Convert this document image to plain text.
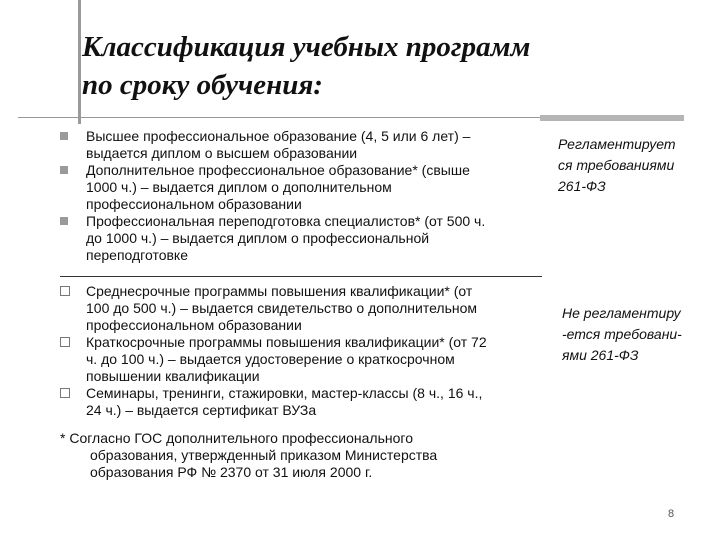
Классификация учебных программ
по сроку обучения:
Высшее профессиональное образование (4, 5 или 6 лет) –
выдается диплом о высшем образовании
Дополнительное профессиональное образование* (свыше
1000 ч.) – выдается диплом о дополнительном
профессиональном образовании
Профессиональная переподготовка специалистов* (от 500 ч.
до 1000 ч.) – выдается диплом о профессиональной
переподготовке
Регламентирует
ся требованиями
261-ФЗ
Среднесрочные программы повышения квалификации* (от
100 до 500 ч.) – выдается свидетельство о дополнительном
профессиональном образовании
Краткосрочные программы повышения квалификации* (от 72
ч. до 100 ч.) – выдается удостоверение о краткосрочном
повышении квалификации
Семинары, тренинги, стажировки, мастер-классы (8 ч., 16 ч.,
24 ч.) – выдается сертификат ВУЗа
Не регламентиру
-ется требовани-
ями 261-ФЗ
* Согласно ГОС дополнительного профессионального
образования, утвержденный приказом Министерства
образования РФ № 2370 от 31 июля 2000 г.
8
